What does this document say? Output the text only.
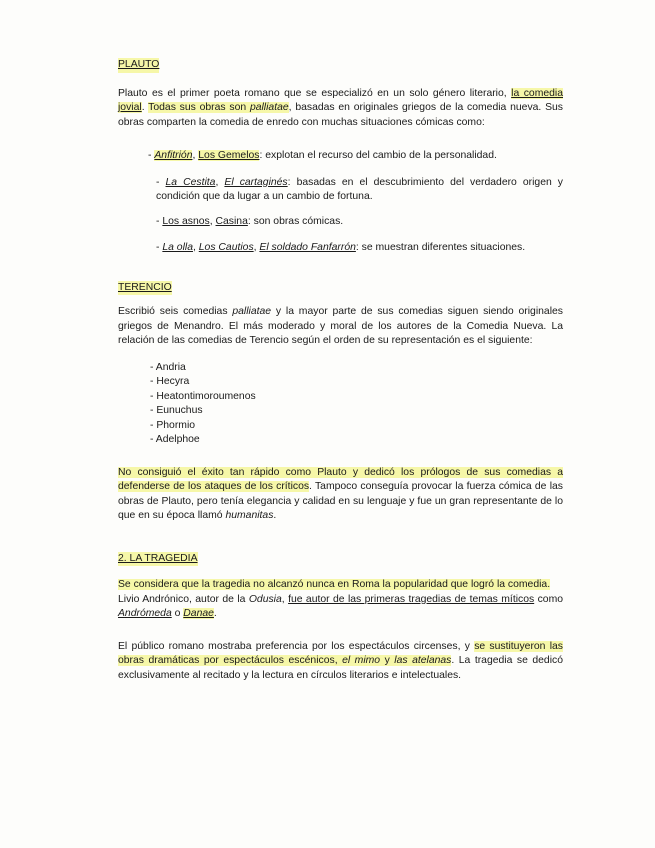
PLAUTO

Plauto es el primer poeta romano que se especializó en un solo género literario, la comedia jovial. Todas sus obras son palliatae, basadas en originales griegos de la comedia nueva. Sus obras comparten la comedia de enredo con muchas situaciones cómicas como:

- Anfitrión, Los Gemelos: explotan el recurso del cambio de la personalidad.

- La Cestita, El cartaginés: basadas en el descubrimiento del verdadero origen y condición que da lugar a un cambio de fortuna.

- Los asnos, Casina: son obras cómicas.

- La olla, Los Cautios, El soldado Fanfarrón: se muestran diferentes situaciones.

TERENCIO

Escribió seis comedias palliatae y la mayor parte de sus comedias siguen siendo originales griegos de Menandro. El más moderado y moral de los autores de la Comedia Nueva. La relación de las comedias de Terencio según el orden de su representación es el siguiente:

- Andria

- Hecyra

- Heatontimoroumenos

- Eunuchus

- Phormio

- Adelphoe

No consiguió el éxito tan rápido como Plauto y dedicó los prólogos de sus comedias a defenderse de los ataques de los críticos. Tampoco conseguía provocar la fuerza cómica de las obras de Plauto, pero tenía elegancia y calidad en su lenguaje y fue un gran representante de lo que en su época llamó humanitas.

2. LA TRAGEDIA

Se considera que la tragedia no alcanzó nunca en Roma la popularidad que logró la comedia.

Livio Andrónico, autor de la Odusia, fue autor de las primeras tragedias de temas míticos como Andrómeda o Danae.

El público romano mostraba preferencia por los espectáculos circenses, y se sustituyeron las obras dramáticas por espectáculos escénicos, el mimo y las atelanas. La tragedia se dedicó exclusivamente al recitado y la lectura en círculos literarios e intelectuales.
